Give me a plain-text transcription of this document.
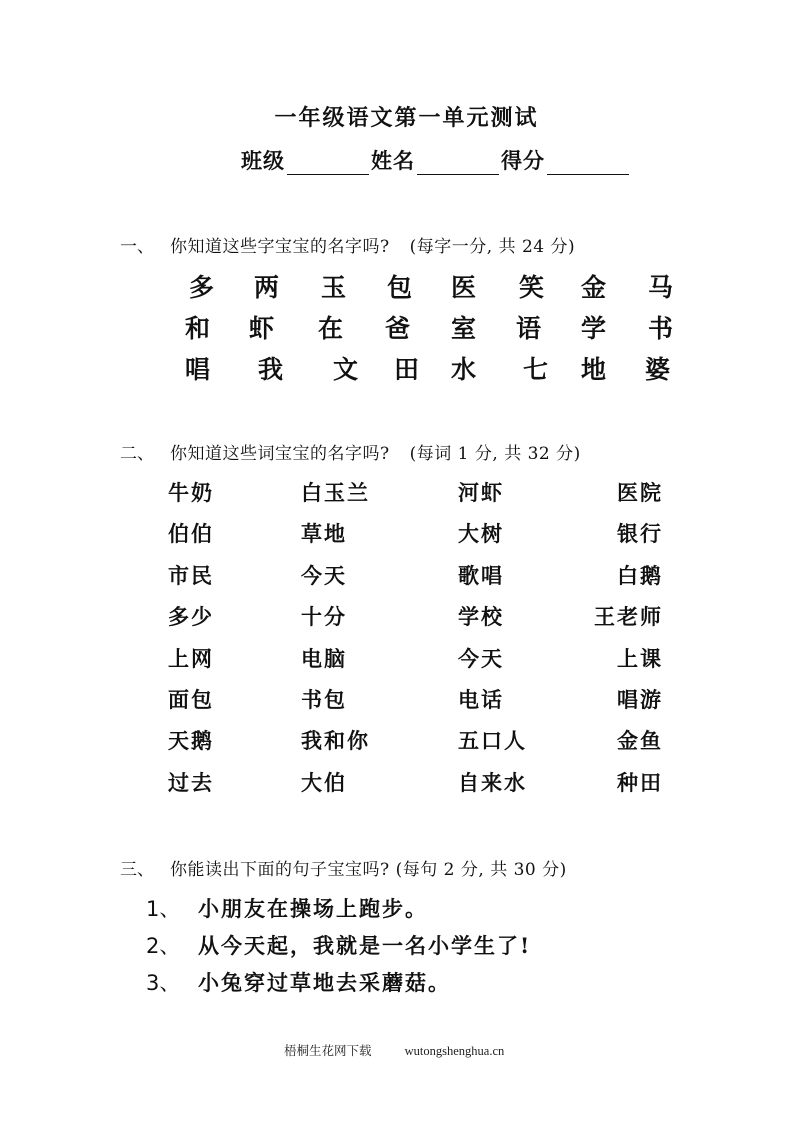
一年级语文第一单元测试
班级	姓名	得分
一、 你知道这些字宝宝的名字吗? (每字一分, 共 24 分)
多 两 玉 包 医 笑 金 马
和 虾 在 爸 室 语 学 书
唱 我 文 田 水 七 地 婆
二、 你知道这些词宝宝的名字吗? (每词 1 分, 共 32 分)
牛奶	白玉兰	河虾	医院
伯伯	草地	大树	银行
市民	今天	歌唱	白鹅
多少	十分	学校	王老师
上网	电脑	今天	上课
面包	书包	电话	唱游
天鹅	我和你	五口人	金鱼
过去	大伯	自来水	种田
三、 你能读出下面的句子宝宝吗? (每句 2 分, 共 30 分)
1、 小朋友在操场上跑步。
2、 从今天起，我就是一名小学生了!
3、 小兔穿过草地去采蘑菇。
梧桐生花网下载	wutongshenghua.cn
